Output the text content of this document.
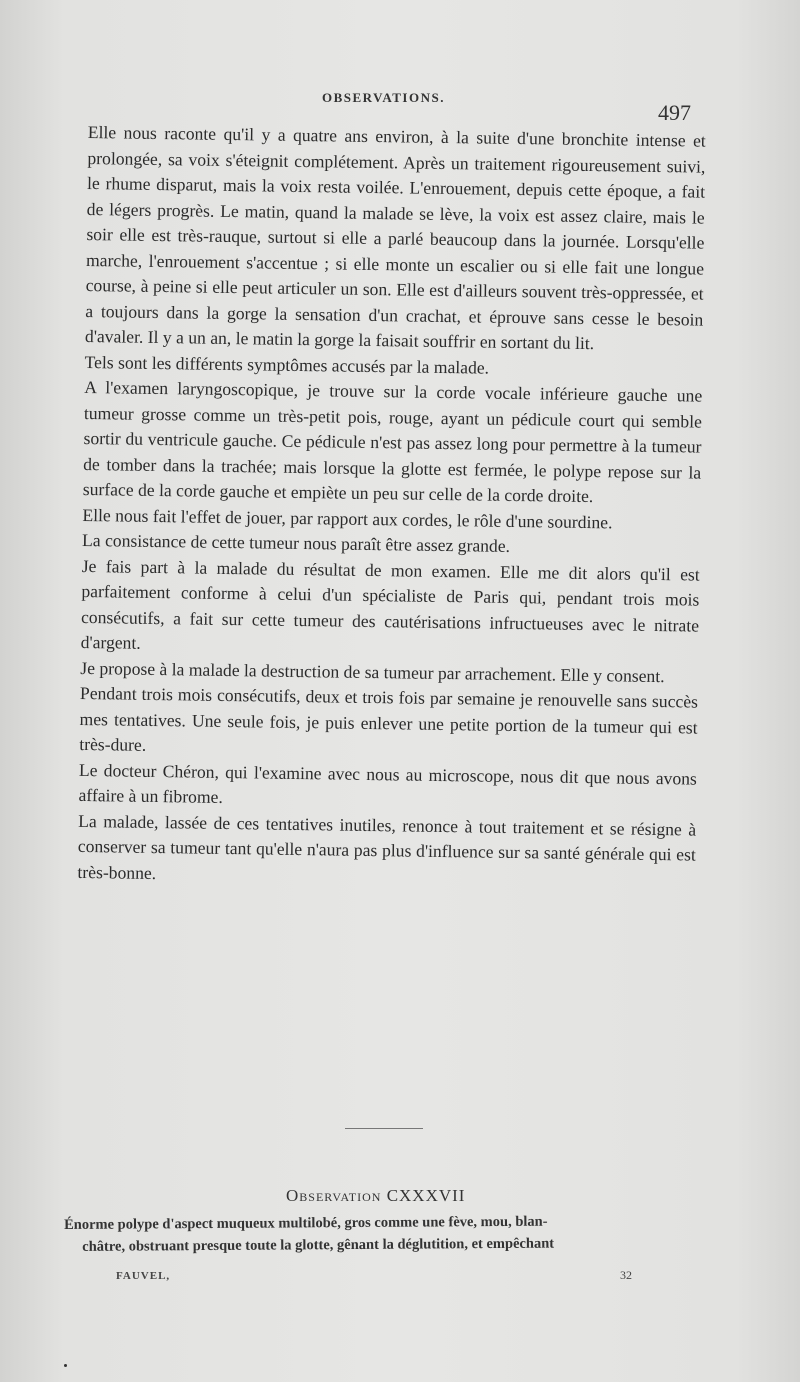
OBSERVATIONS.
497

Elle nous raconte qu'il y a quatre ans environ, à la suite d'une bronchite intense et prolongée, sa voix s'éteignit complétement. Après un traitement rigoureusement suivi, le rhume disparut, mais la voix resta voilée. L'enrouement, depuis cette époque, a fait de légers progrès. Le matin, quand la malade se lève, la voix est assez claire, mais le soir elle est très-rauque, surtout si elle a parlé beaucoup dans la journée. Lorsqu'elle marche, l'enrouement s'accentue ; si elle monte un escalier ou si elle fait une longue course, à peine si elle peut articuler un son. Elle est d'ailleurs souvent très-oppressée, et a toujours dans la gorge la sensation d'un crachat, et éprouve sans cesse le besoin d'avaler. Il y a un an, le matin la gorge la faisait souffrir en sortant du lit.

Tels sont les différents symptômes accusés par la malade.

A l'examen laryngoscopique, je trouve sur la corde vocale inférieure gauche une tumeur grosse comme un très-petit pois, rouge, ayant un pédicule court qui semble sortir du ventricule gauche. Ce pédicule n'est pas assez long pour permettre à la tumeur de tomber dans la trachée; mais lorsque la glotte est fermée, le polype repose sur la surface de la corde gauche et empiète un peu sur celle de la corde droite.

Elle nous fait l'effet de jouer, par rapport aux cordes, le rôle d'une sourdine.

La consistance de cette tumeur nous paraît être assez grande.

Je fais part à la malade du résultat de mon examen. Elle me dit alors qu'il est parfaitement conforme à celui d'un spécialiste de Paris qui, pendant trois mois consécutifs, a fait sur cette tumeur des cautérisations infructueuses avec le nitrate d'argent.

Je propose à la malade la destruction de sa tumeur par arrachement. Elle y consent.

Pendant trois mois consécutifs, deux et trois fois par semaine je renouvelle sans succès mes tentatives. Une seule fois, je puis enlever une petite portion de la tumeur qui est très-dure.

Le docteur Chéron, qui l'examine avec nous au microscope, nous dit que nous avons affaire à un fibrome.

La malade, lassée de ces tentatives inutiles, renonce à tout traitement et se résigne à conserver sa tumeur tant qu'elle n'aura pas plus d'influence sur sa santé générale qui est très-bonne.

Observation CXXXVII
Énorme polype d'aspect muqueux multilobé, gros comme une fève, mou, blan-
châtre, obstruant presque toute la glotte, gênant la déglutition, et empêchant
FAUVEL,	32
